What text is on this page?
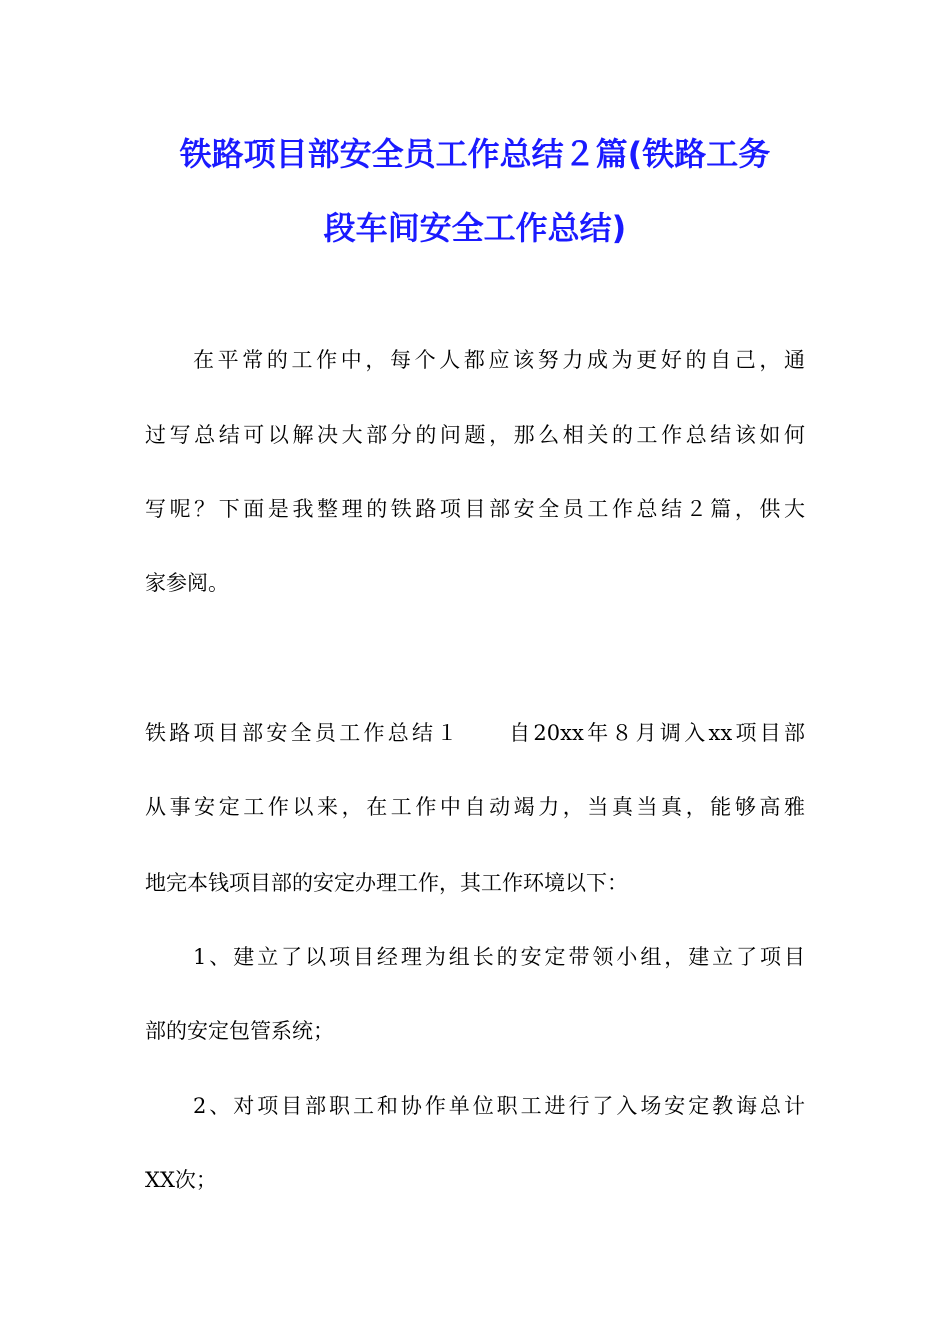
铁路项目部安全员工作总结２篇(铁路工务
段车间安全工作总结)
在平常的工作中，每个人都应该努力成为更好的自己，通
过写总结可以解决大部分的问题，那么相关的工作总结该如何
写呢？下面是我整理的铁路项目部安全员工作总结２篇，供大
家参阅。
铁路项目部安全员工作总结１　　自20xx年８月调入xx项目部
从事安定工作以来，在工作中自动竭力，当真当真，能够高雅
地完本钱项目部的安定办理工作，其工作环境以下：
1、建立了以项目经理为组长的安定带领小组，建立了项目
部的安定包管系统；
2、对项目部职工和协作单位职工进行了入场安定教诲总计
XX次；
